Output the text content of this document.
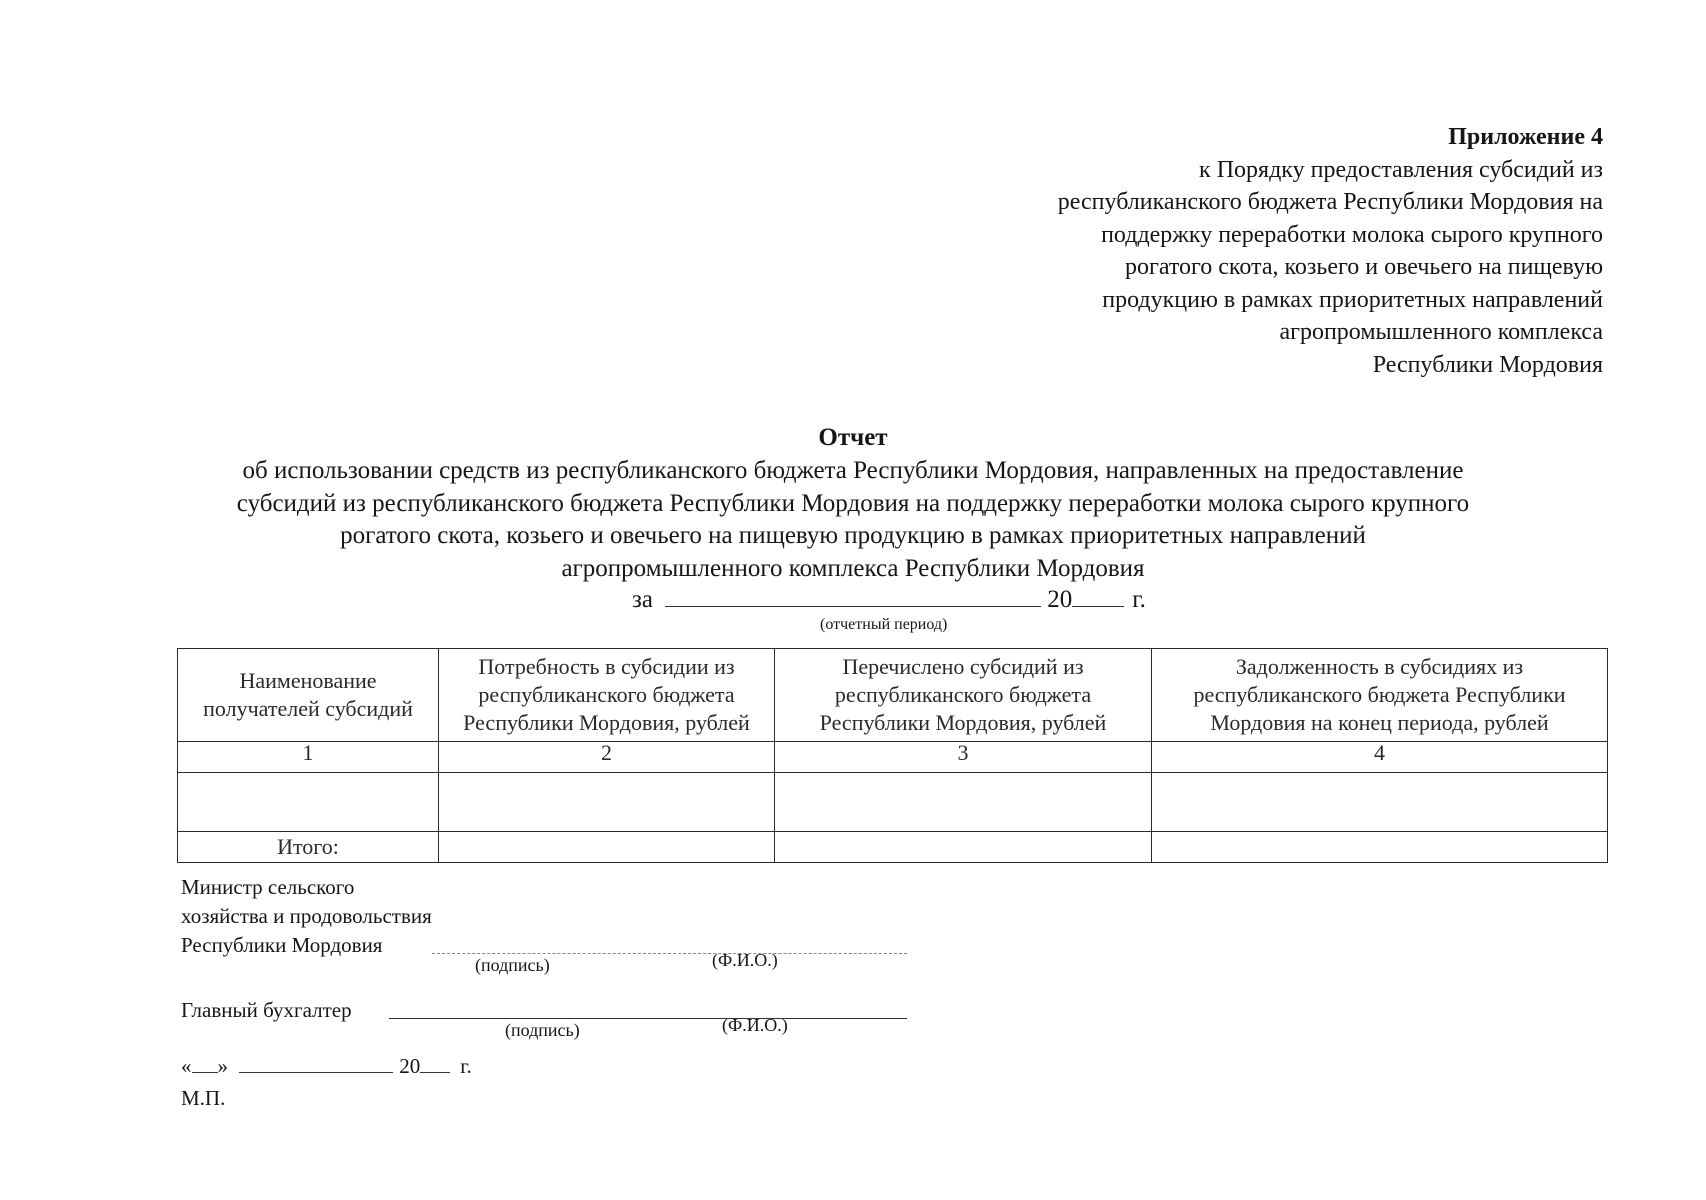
Приложение 4
к Порядку предоставления субсидий из
республиканского бюджета Республики Мордовия на
поддержку переработки молока сырого крупного
рогатого скота, козьего и овечьего на пищевую
продукцию в рамках приоритетных направлений
агропромышленного комплекса
Республики Мордовия
Отчет
об использовании средств из республиканского бюджета Республики Мордовия, направленных на предоставление
субсидий из республиканского бюджета Республики Мордовия на поддержку переработки молока сырого крупного
рогатого скота, козьего и овечьего на пищевую продукцию в рамках приоритетных направлений
агропромышленного комплекса Республики Мордовия
за	20 г.
(отчетный период)
Наименование получателей субсидий	Потребность в субсидии из республиканского бюджета Республики Мордовия, рублей	Перечислено субсидий из республиканского бюджета Республики Мордовия, рублей	Задолженность в субсидиях из республиканского бюджета Республики Мордовия на конец периода, рублей
1	2	3	4

Итого:			
Министр сельского
хозяйства и продовольствия
Республики Мордовия
(подпись)	(Ф.И.О.)
Главный бухгалтер
(подпись)	(Ф.И.О.)
« »	20 г.
М.П.
